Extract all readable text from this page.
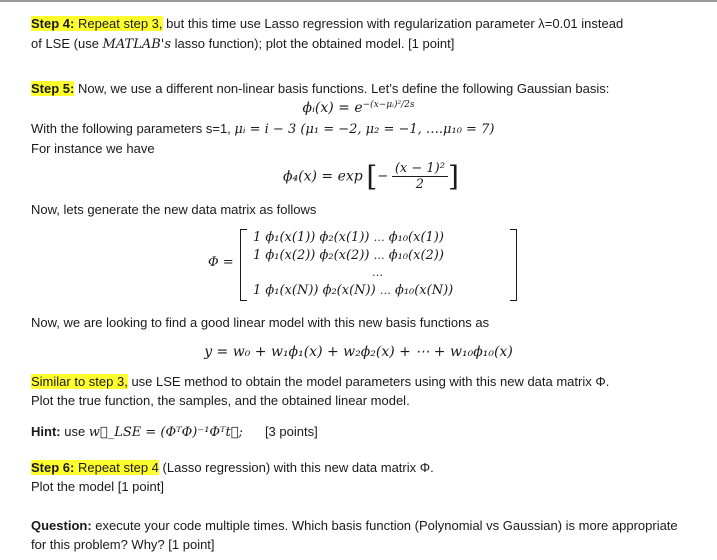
Step 4: Repeat step 3, but this time use Lasso regression with regularization parameter λ=0.01 instead
of LSE (use MATLAB's lasso function); plot the obtained model. [1 point]
Step 5: Now, we use a different non-linear basis functions. Let’s define the following Gaussian basis:
ϕᵢ(x) = $e^{-(x-\mu ᵢ)^2/2s}$
With the following parameters s=1, μᵢ = i − 3 (μ₁ = −2, μ₂ = −1, ….μ₁₀ = 7)
For instance we have
ϕ₄(x) = exp [− $\frac{\text{(x − 1)²}}{2}$ ]
Now, lets generate the new data matrix as follows
Φ =
1 ϕ₁(x(1)) ϕ₂(x(1)) … ϕ₁₀(x(1))
1 ϕ₁(x(2)) ϕ₂(x(2)) … ϕ₁₀(x(2))
…
1 ϕ₁(x(N)) ϕ₂(x(N)) … ϕ₁₀(x(N))
Now, we are looking to find a good linear model with this new basis functions as
y = w₀ + w₁ϕ₁(x) + w₂ϕ₂(x) + ⋯ + w₁₀ϕ₁₀(x)
Similar to step 3, use LSE method to obtain the model parameters using with this new data matrix Φ.
Plot the true function, the samples, and the obtained linear model.
Hint: use w⃗_LSE = (ΦᵀΦ)⁻¹Φᵀt⃗; [3 points]
Step 6: Repeat step 4 (Lasso regression) with this new data matrix Φ.
Plot the model [1 point]
Question: execute your code multiple times. Which basis function (Polynomial vs Gaussian) is more appropriate
for this problem? Why? [1 point]
